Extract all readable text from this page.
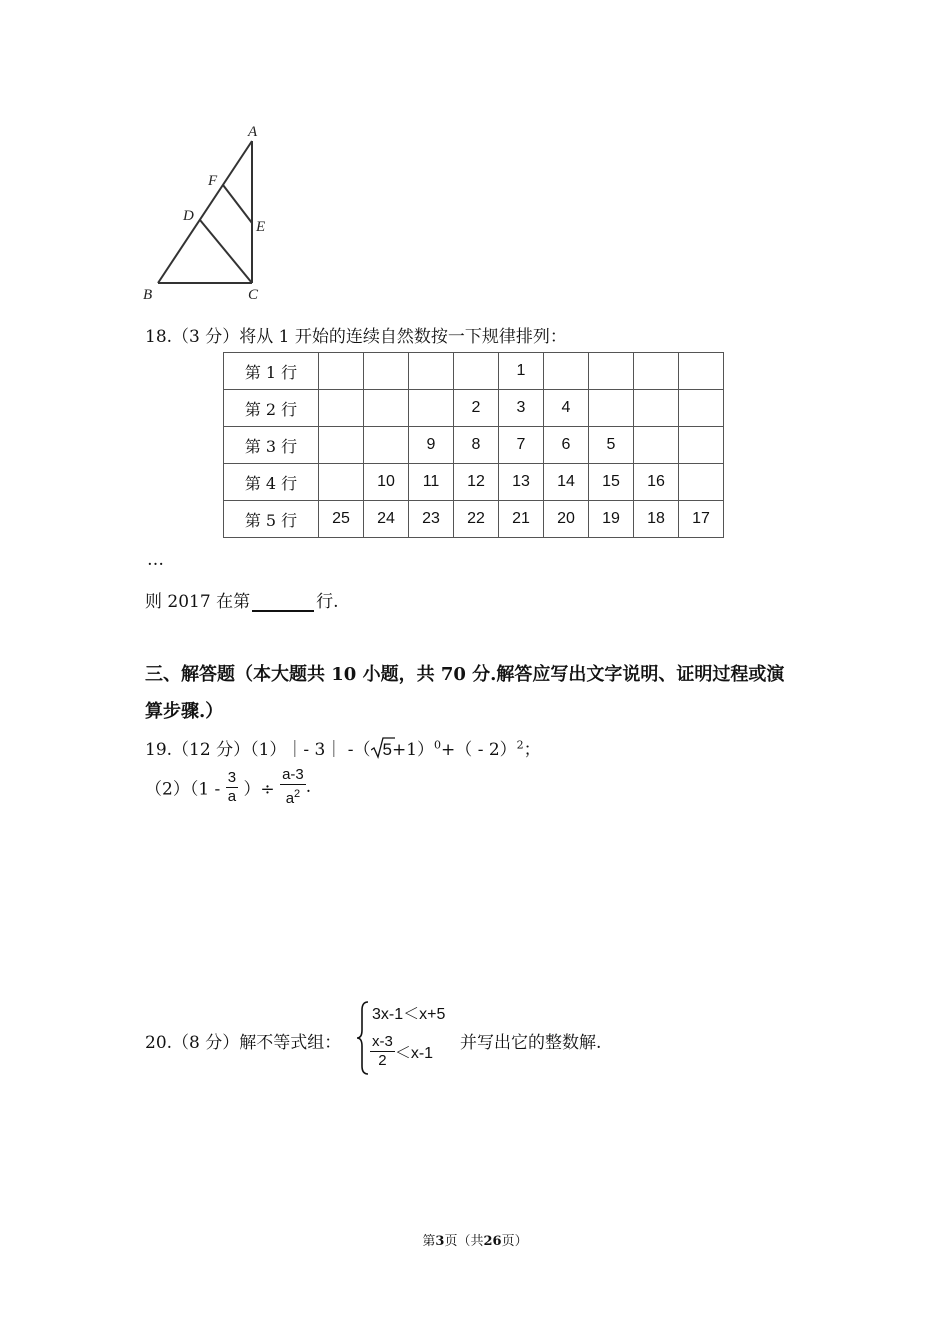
A
F
D
E
B	C
18.（3 分）将从 1 开始的连续自然数按一下规律排列：
第 1 行					1				
第 2 行				2	3	4			
第 3 行			9	8	7	6	5		
第 4 行		10	11	12	13	14	15	16	
第 5 行	25	24	23	22	21	20	19	18	17
…
则 2017 在第	行.
三、解答题（本大题共 10 小题，共 70 分.解答应写出文字说明、证明过程或演
算步骤.）
19.（12 分）（1）｜- 3｜ -（ 5+1）$^0$+（ - 2）$^2$；
$(2)(1 - \frac{3}{a}$ ）÷ $\frac{a-3}{a^2}$ .
20.（8 分）解不等式组：
3x-1＜x+5
$\frac{x-3}{2} <x-1$
并写出它的整数解.
第3页（共26页）
